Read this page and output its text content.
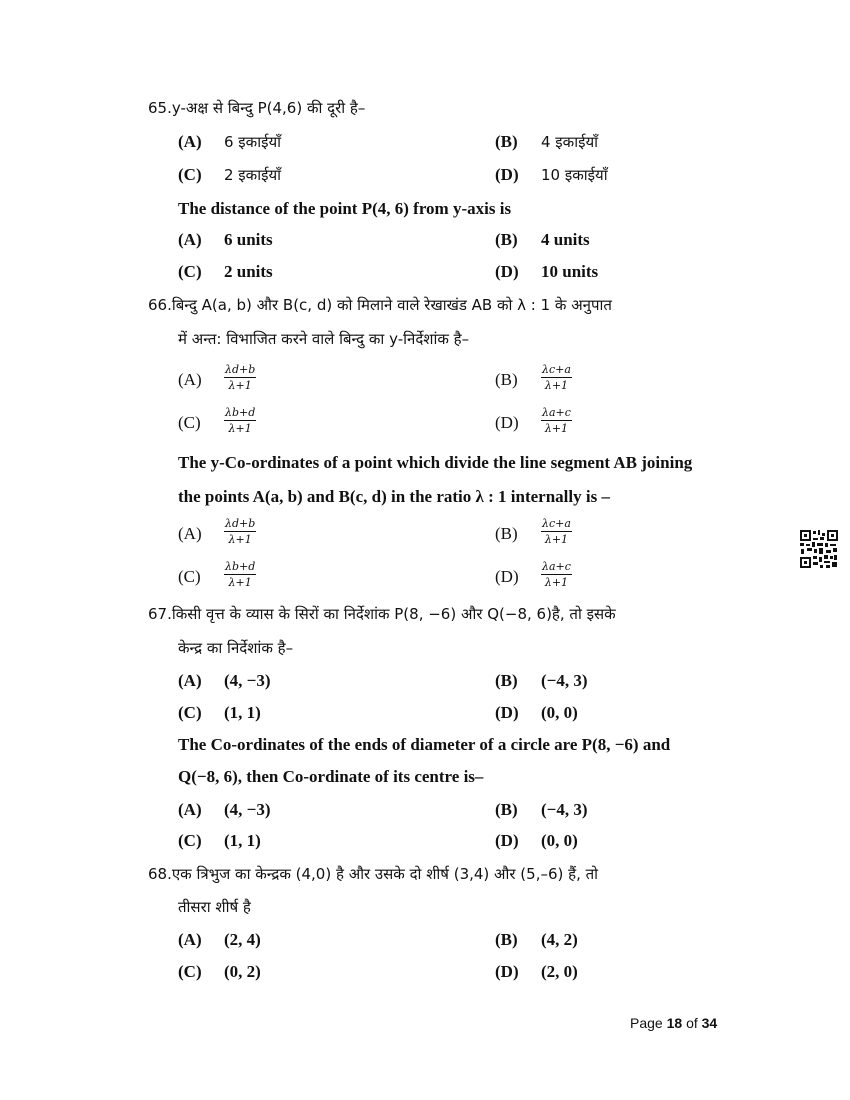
65.y-अक्ष से बिन्दु P(4,6) की दूरी है–
(A) 6 इकाईयाँ	(B) 4 इकाईयाँ
(C) 2 इकाईयाँ	(D) 10 इकाईयाँ
The distance of the point P(4, 6) from y-axis is
(A) 6 units	(B) 4 units
(C) 2 units	(D) 10 units
66.बिन्दु A(a, b) और B(c, d) को मिलाने वाले रेखाखंड AB को λ : 1 के अनुपात
में अन्त: विभाजित करने वाले बिन्दु का y-निर्देशांक है–
$(A) \frac{\lambda d+b}{\lambda+1}$	$(B) \frac{\lambda c+a}{\lambda+1}$
$(C) \frac{\lambda b+d}{\lambda+1}$	$(D) \frac{\lambda a+c}{\lambda+1}$
The y-Co-ordinates of a point which divide the line segment AB joining
the points A(a, b) and B(c, d) in the ratio λ : 1 internally is –
$(A) \frac{\lambda d+b}{\lambda+1}$	$(B) \frac{\lambda c+a}{\lambda+1}$
$(C) \frac{\lambda b+d}{\lambda+1}$	$(D) \frac{\lambda a+c}{\lambda+1}$
67.किसी वृत्त के व्यास के सिरों का निर्देशांक P(8, −6) और Q(−8, 6)है, तो इसके
केन्द्र का निर्देशांक है–
(A) (4, −3)	(B) (−4, 3)
(C) (1, 1)	(D) (0, 0)
The Co-ordinates of the ends of diameter of a circle are P(8, −6) and
Q(−8, 6), then Co-ordinate of its centre is–
(A) (4, −3)	(B) (−4, 3)
(C) (1, 1)	(D) (0, 0)
68.एक त्रिभुज का केन्द्रक (4,0) है और उसके दो शीर्ष (3,4) और (5,–6) हैं, तो
तीसरा शीर्ष है
(A) (2, 4)	(B) (4, 2)
(C) (0, 2)	(D) (2, 0)
Page 18 of 34
